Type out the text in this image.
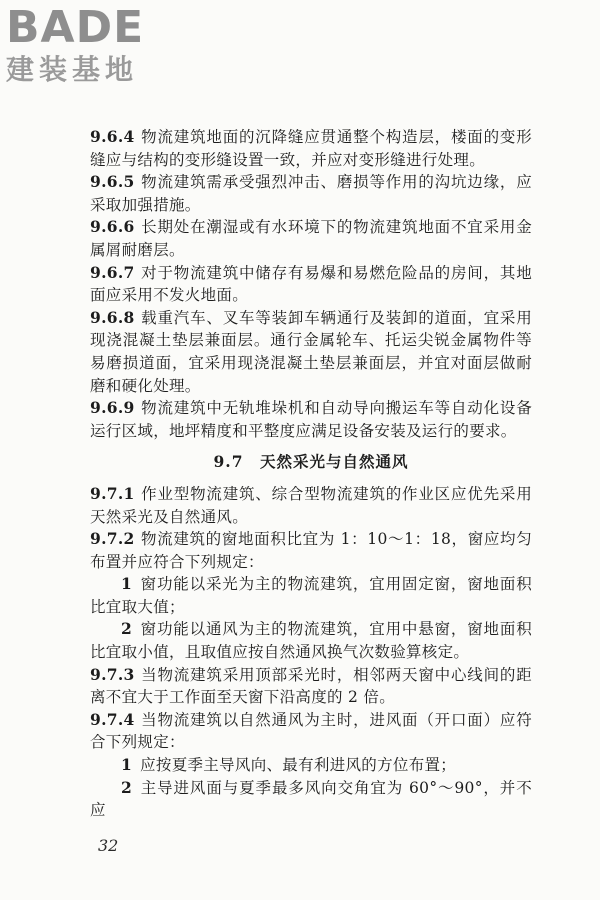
BADE
建装基地

9.6.4 物流建筑地面的沉降缝应贯通整个构造层，楼面的变形缝应与结构的变形缝设置一致，并应对变形缝进行处理。

9.6.5 物流建筑需承受强烈冲击、磨损等作用的沟坑边缘，应采取加强措施。

9.6.6 长期处在潮湿或有水环境下的物流建筑地面不宜采用金属屑耐磨层。

9.6.7 对于物流建筑中储存有易爆和易燃危险品的房间，其地面应采用不发火地面。

9.6.8 载重汽车、叉车等装卸车辆通行及装卸的道面，宜采用现浇混凝土垫层兼面层。通行金属轮车、托运尖锐金属物件等易磨损道面，宜采用现浇混凝土垫层兼面层，并宜对面层做耐磨和硬化处理。

9.6.9 物流建筑中无轨堆垛机和自动导向搬运车等自动化设备运行区域，地坪精度和平整度应满足设备安装及运行的要求。

9.7　天然采光与自然通风

9.7.1 作业型物流建筑、综合型物流建筑的作业区应优先采用天然采光及自然通风。

9.7.2 物流建筑的窗地面积比宜为 1：10～1：18，窗应均匀布置并应符合下列规定：

1 窗功能以采光为主的物流建筑，宜用固定窗，窗地面积比宜取大值；

2 窗功能以通风为主的物流建筑，宜用中悬窗，窗地面积比宜取小值，且取值应按自然通风换气次数验算核定。

9.7.3 当物流建筑采用顶部采光时，相邻两天窗中心线间的距离不宜大于工作面至天窗下沿高度的 2 倍。

9.7.4 当物流建筑以自然通风为主时，进风面（开口面）应符合下列规定：

1 应按夏季主导风向、最有利进风的方位布置；

2 主导进风面与夏季最多风向交角宜为 60°～90°，并不应

32
